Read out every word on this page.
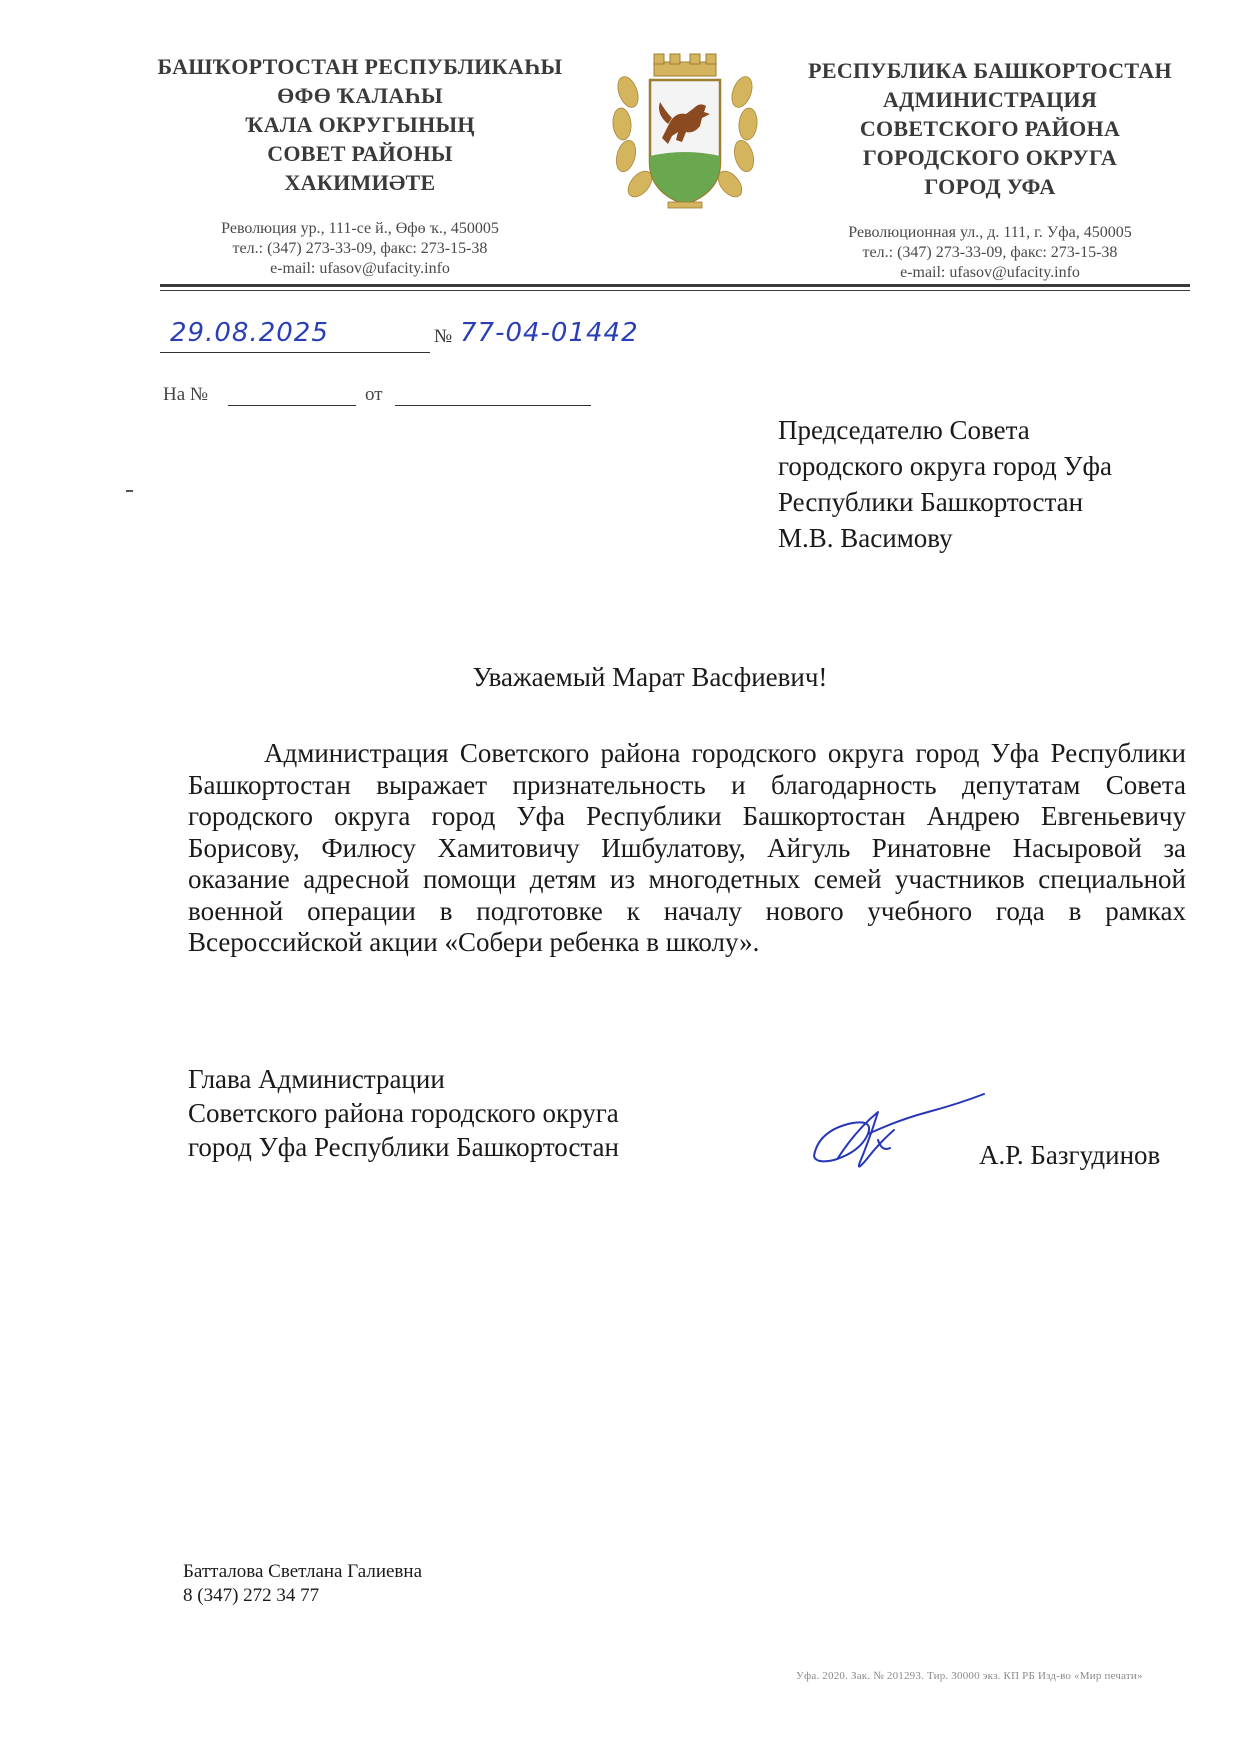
БАШҠОРТОСТАН РЕСПУБЛИКАҺЫ
ӨФӨ ҠАЛАҺЫ
ҠАЛА ОКРУГЫНЫҢ
СОВЕТ РАЙОНЫ
ХАКИМИӘТЕ
Революция ур., 111-се й., Өфө ҡ., 450005
тел.: (347) 273-33-09, факс: 273-15-38
e-mail: ufasov@ufacity.info
РЕСПУБЛИКА БАШКОРТОСТАН
АДМИНИСТРАЦИЯ
СОВЕТСКОГО РАЙОНА
ГОРОДСКОГО ОКРУГА
ГОРОД УФА
Революционная ул., д. 111, г. Уфа, 450005
тел.: (347) 273-33-09, факс: 273-15-38
e-mail: ufasov@ufacity.info
29.08.2025	№ 77-04-01442
На №	от
Председателю Совета
городского округа город Уфа
Республики Башкортостан
М.В. Васимову
Уважаемый Марат Васфиевич!

Администрация Советского района городского округа город Уфа Республики Башкортостан выражает признательность и благодарность депутатам Совета городского округа город Уфа Республики Башкортостан Андрею Евгеньевичу Борисову, Филюсу Хамитовичу Ишбулатову, Айгуль Ринатовне Насыровой за оказание адресной помощи детям из многодетных семей участников специальной военной операции в подготовке к началу нового учебного года в рамках Всероссийской акции «Собери ребенка в школу».

Глава Администрации
Советского района городского округа
город Уфа Республики Башкортостан	А.Р. Базгудинов
Батталова Светлана Галиевна
8 (347) 272 34 77
Уфа. 2020. Зак. № 201293. Тир. 30000 экз. КП РБ Изд-во «Мир печати»
